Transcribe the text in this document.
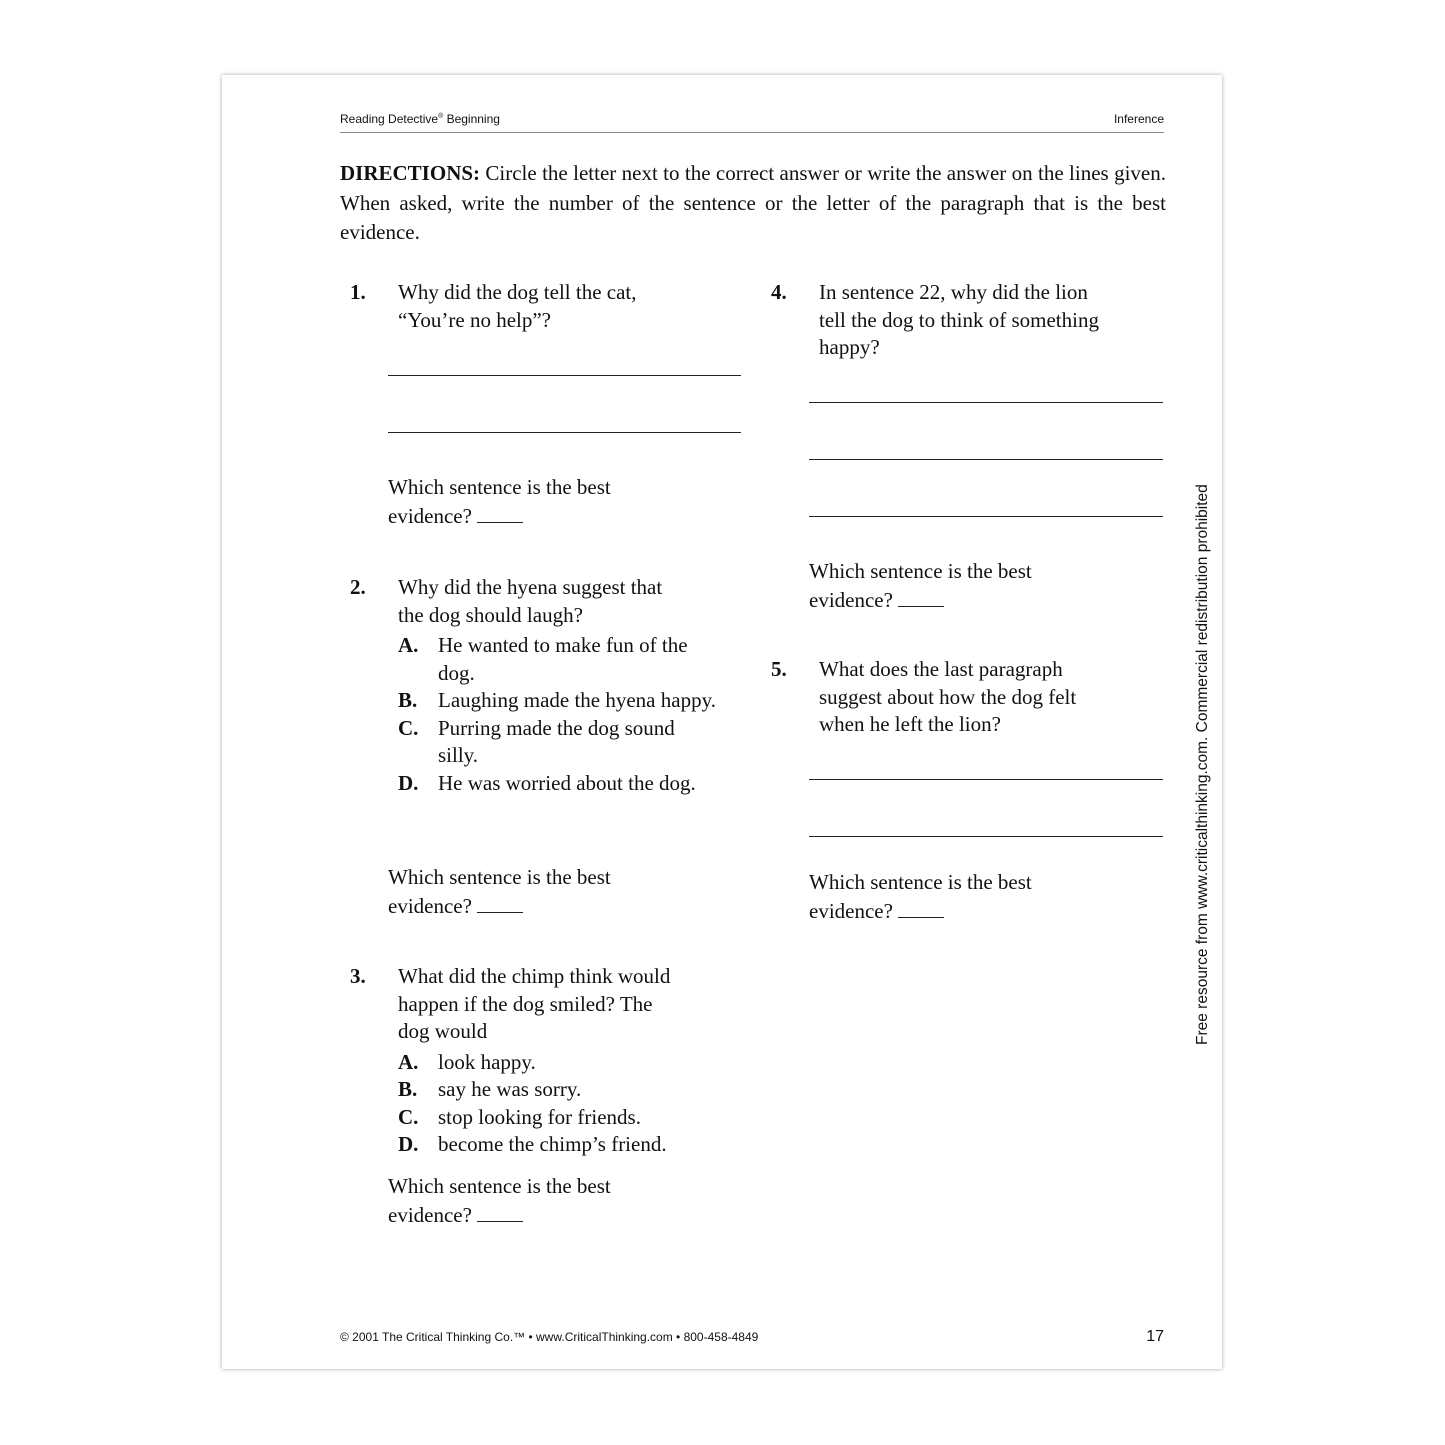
Reading Detective® Beginning	Inference
DIRECTIONS: Circle the letter next to the correct answer or write the answer on the lines given. When asked, write the number of the sentence or the letter of the paragraph that is the best evidence.
1. Why did the dog tell the cat,
“You’re no help”?
Which sentence is the best
evidence?
2. Why did the hyena suggest that
the dog should laugh?
A. He wanted to make fun of the dog.
B. Laughing made the hyena happy.
C. Purring made the dog sound silly.
D. He was worried about the dog.
Which sentence is the best
evidence?
3. What did the chimp think would
happen if the dog smiled? The
dog would
A. look happy.
B. say he was sorry.
C. stop looking for friends.
D. become the chimp’s friend.
Which sentence is the best
evidence?
4. In sentence 22, why did the lion
tell the dog to think of something
happy?
Which sentence is the best
evidence?
5. What does the last paragraph
suggest about how the dog felt
when he left the lion?
Which sentence is the best
evidence?	Free resource from www.criticalthinking.com. Commercial redistribution prohibited
© 2001 The Critical Thinking Co.™ • www.CriticalThinking.com • 800-458-4849	17
